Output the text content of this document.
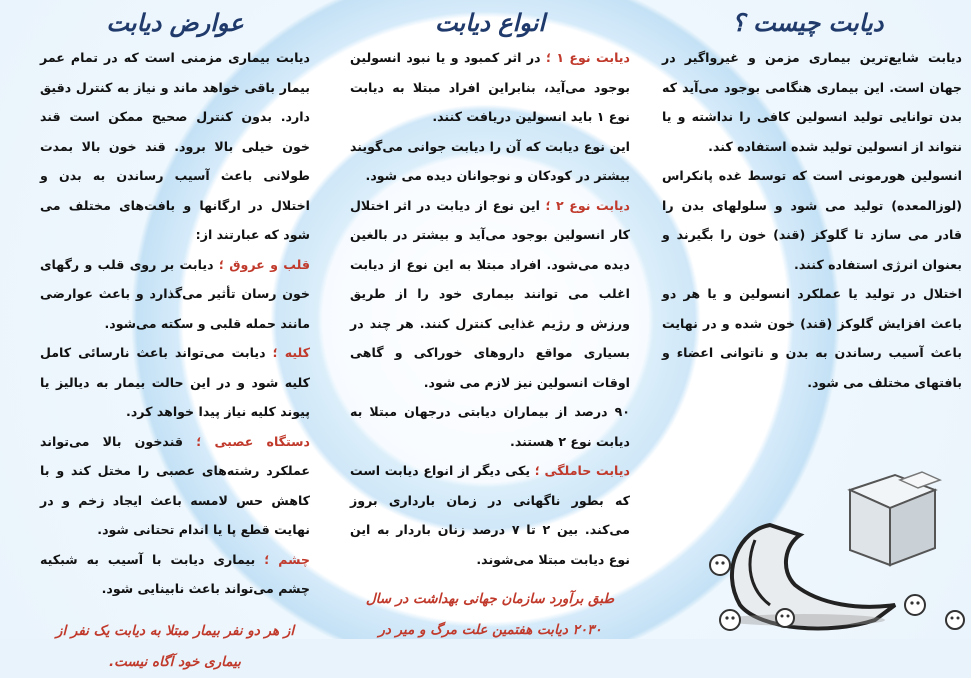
دیابت چیست ؟

دیابت شایع‌ترین بیماری مزمن و غیرواگیر در جهان است. این بیماری هنگامی بوجود می‌آید که بدن توانایی تولید انسولین کافی را نداشته و یا نتواند از انسولین تولید شده استفاده کند.

انسولین هورمونی است که توسط غده پانکراس (لوزالمعده) تولید می شود و سلولهای بدن را قادر می سازد تا گلوکز (قند) خون را بگیرند و بعنوان انرژی استفاده کنند.

اختلال در تولید یا عملکرد انسولین و یا هر دو باعث افزایش گلوکز (قند) خون شده و در نهایت باعث آسیب رساندن به بدن و ناتوانی اعضاء و بافتهای مختلف می شود.

انواع دیابت

دیابت نوع ۱ ؛ در اثر کمبود و یا نبود انسولین بوجود می‌آید، بنابراین افراد مبتلا به دیابت نوع ۱ باید انسولین دریافت کنند.

این نوع دیابت که آن را دیابت جوانی می‌گویند بیشتر در کودکان و نوجوانان دیده می شود.

دیابت نوع ۲ ؛ این نوع از دیابت در اثر اختلال کار انسولین بوجود می‌آید و بیشتر در بالغین دیده می‌شود. افراد مبتلا به این نوع از دیابت اغلب می توانند بیماری خود را از طریق ورزش و رژیم غذایی کنترل کنند. هر چند در بسیاری مواقع داروهای خوراکی و گاهی اوقات انسولین نیز لازم می شود.

۹۰ درصد از بیماران دیابتی درجهان مبتلا به دیابت نوع ۲ هستند.

دیابت حاملگی ؛ یکی دیگر از انواع دیابت است که بطور ناگهانی در زمان بارداری بروز می‌کند. بین ۲ تا ۷ درصد زنان باردار به این نوع دیابت مبتلا می‌شوند.

طبق برآورد سازمان جهانی بهداشت در سال ۲۰۳۰ دیابت هفتمین علت مرگ و میر در

عوارض دیابت

دیابت بیماری مزمنی است که در تمام عمر بیمار باقی خواهد ماند و نیاز به کنترل دقیق دارد. بدون کنترل صحیح ممکن است قند خون خیلی بالا برود. قند خون بالا بمدت طولانی باعث آسیب رساندن به بدن و اختلال در ارگانها و بافت‌های مختلف می شود که عبارتند از:

قلب و عروق ؛ دیابت بر روی قلب و رگهای خون رسان تأثیر می‌گذارد و باعث عوارضی مانند حمله قلبی و سکته می‌شود.

کلیه ؛ دیابت می‌تواند باعث نارسائی کامل کلیه شود و در این حالت بیمار به دیالیز یا پیوند کلیه نیاز پیدا خواهد کرد.

دستگاه عصبی ؛ قندخون بالا می‌تواند عملکرد رشته‌های عصبی را مختل کند و با کاهش حس لامسه باعث ایجاد زخم و در نهایت قطع پا یا اندام تحتانی شود.

چشم ؛ بیماری دیابت با آسیب به شبکیه چشم می‌تواند باعث نابینایی شود.

از هر دو نفر بیمار مبتلا به دیابت یک نفر از بیماری خود آگاه نیست.
